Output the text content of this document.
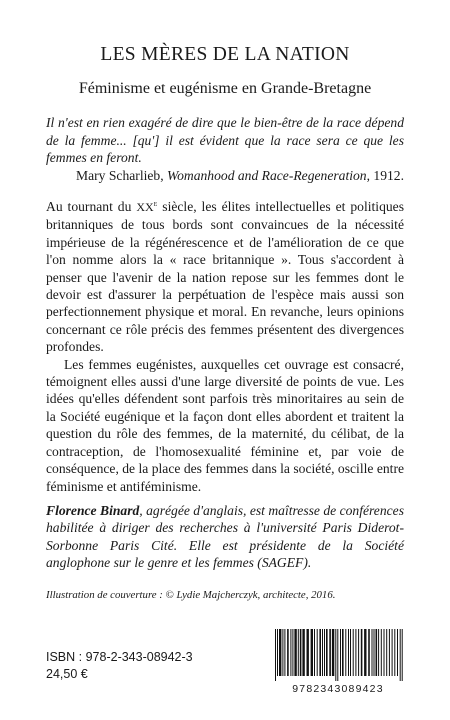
LES MÈRES DE LA NATION
Féminisme et eugénisme en Grande-Bretagne

Il n'est en rien exagéré de dire que le bien-être de la race dépend de la femme... [qu'] il est évident que la race sera ce que les femmes en feront.

Mary Scharlieb, Womanhood and Race-Regeneration, 1912.

Au tournant du XXe siècle, les élites intellectuelles et politiques britanniques de tous bords sont convaincues de la nécessité impérieuse de la régénérescence et de l'amélioration de ce que l'on nomme alors la « race britannique ». Tous s'accordent à penser que l'avenir de la nation repose sur les femmes dont le devoir est d'assurer la perpétuation de l'espèce mais aussi son perfectionnement physique et moral. En revanche, leurs opinions concernant ce rôle précis des femmes présentent des divergences profondes.

Les femmes eugénistes, auxquelles cet ouvrage est consacré, témoignent elles aussi d'une large diversité de points de vue. Les idées qu'elles défendent sont parfois très minoritaires au sein de la Société eugénique et la façon dont elles abordent et traitent la question du rôle des femmes, de la maternité, du célibat, de la contraception, de l'homosexualité féminine et, par voie de conséquence, de la place des femmes dans la société, oscille entre féminisme et antiféminisme.

Florence Binard, agrégée d'anglais, est maîtresse de conférences habilitée à diriger des recherches à l'université Paris Diderot-Sorbonne Paris Cité. Elle est présidente de la Société anglophone sur le genre et les femmes (SAGEF).

Illustration de couverture : © Lydie Majcherczyk, architecte, 2016.

ISBN : 978-2-343-08942-3
24,50 €
9782343089423
